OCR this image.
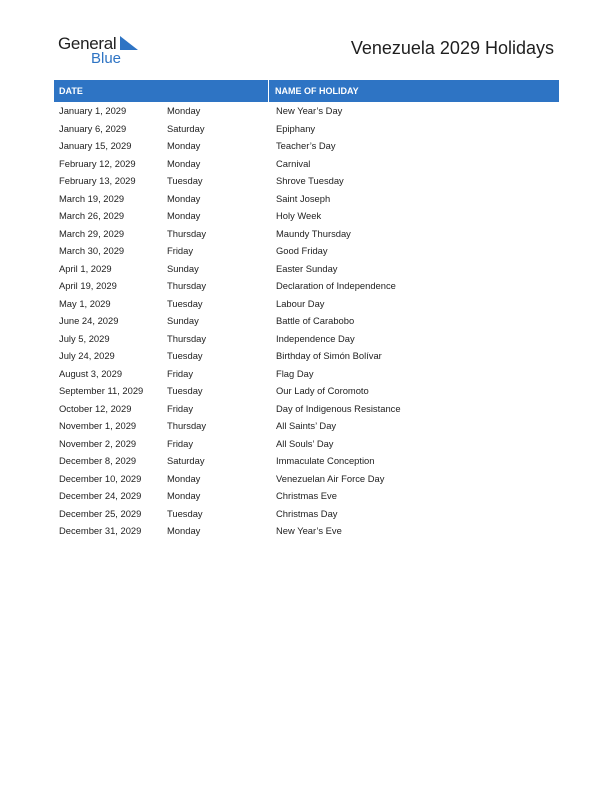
General
Blue
Venezuela 2029 Holidays
DATE	NAME OF HOLIDAY
January 1, 2029	Monday	New Year’s Day
January 6, 2029	Saturday	Epiphany
January 15, 2029	Monday	Teacher’s Day
February 12, 2029	Monday	Carnival
February 13, 2029	Tuesday	Shrove Tuesday
March 19, 2029	Monday	Saint Joseph
March 26, 2029	Monday	Holy Week
March 29, 2029	Thursday	Maundy Thursday
March 30, 2029	Friday	Good Friday
April 1, 2029	Sunday	Easter Sunday
April 19, 2029	Thursday	Declaration of Independence
May 1, 2029	Tuesday	Labour Day
June 24, 2029	Sunday	Battle of Carabobo
July 5, 2029	Thursday	Independence Day
July 24, 2029	Tuesday	Birthday of Simón Bolívar
August 3, 2029	Friday	Flag Day
September 11, 2029	Tuesday	Our Lady of Coromoto
October 12, 2029	Friday	Day of Indigenous Resistance
November 1, 2029	Thursday	All Saints’ Day
November 2, 2029	Friday	All Souls’ Day
December 8, 2029	Saturday	Immaculate Conception
December 10, 2029	Monday	Venezuelan Air Force Day
December 24, 2029	Monday	Christmas Eve
December 25, 2029	Tuesday	Christmas Day
December 31, 2029	Monday	New Year’s Eve
